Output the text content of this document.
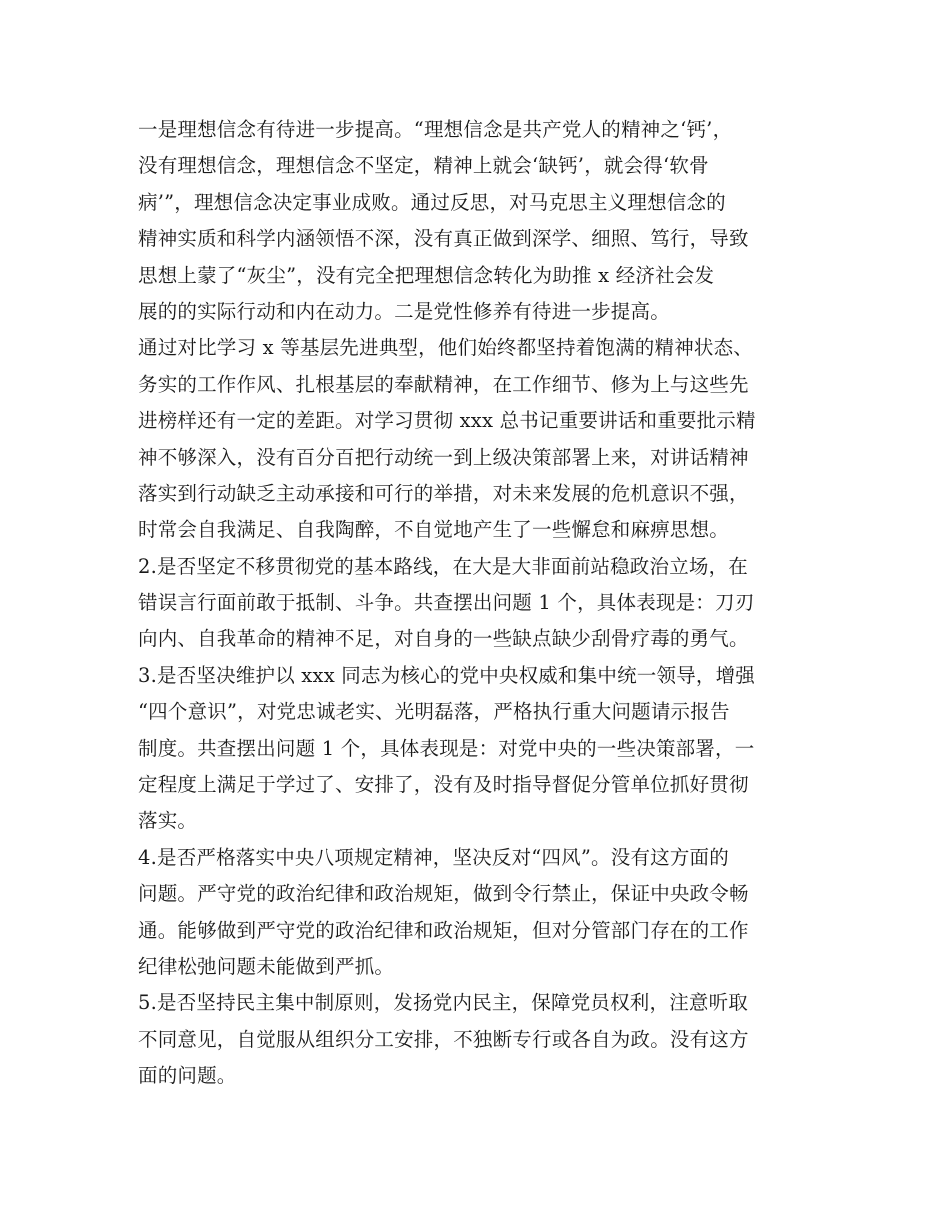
一是理想信念有待进一步提高。“理想信念是共产党人的精神之‘钙’，
没有理想信念，理想信念不坚定，精神上就会‘缺钙’，就会得‘软骨
病’”，理想信念决定事业成败。通过反思，对马克思主义理想信念的
精神实质和科学内涵领悟不深，没有真正做到深学、细照、笃行，导致
思想上蒙了“灰尘”，没有完全把理想信念转化为助推 x 经济社会发
展的的实际行动和内在动力。二是党性修养有待进一步提高。
通过对比学习 x 等基层先进典型，他们始终都坚持着饱满的精神状态、
务实的工作作风、扎根基层的奉献精神，在工作细节、修为上与这些先
进榜样还有一定的差距。对学习贯彻 xxx 总书记重要讲话和重要批示精
神不够深入，没有百分百把行动统一到上级决策部署上来，对讲话精神
落实到行动缺乏主动承接和可行的举措，对未来发展的危机意识不强，
时常会自我满足、自我陶醉，不自觉地产生了一些懈怠和麻痹思想。
2.是否坚定不移贯彻党的基本路线，在大是大非面前站稳政治立场，在
错误言行面前敢于抵制、斗争。共查摆出问题 1 个，具体表现是：刀刃
向内、自我革命的精神不足，对自身的一些缺点缺少刮骨疗毒的勇气。
3.是否坚决维护以 xxx 同志为核心的党中央权威和集中统一领导，增强
“四个意识”，对党忠诚老实、光明磊落，严格执行重大问题请示报告
制度。共查摆出问题 1 个，具体表现是：对党中央的一些决策部署，一
定程度上满足于学过了、安排了，没有及时指导督促分管单位抓好贯彻
落实。
4.是否严格落实中央八项规定精神，坚决反对“四风”。没有这方面的
问题。严守党的政治纪律和政治规矩，做到令行禁止，保证中央政令畅
通。能够做到严守党的政治纪律和政治规矩，但对分管部门存在的工作
纪律松弛问题未能做到严抓。
5.是否坚持民主集中制原则，发扬党内民主，保障党员权利，注意听取
不同意见，自觉服从组织分工安排，不独断专行或各自为政。没有这方
面的问题。
